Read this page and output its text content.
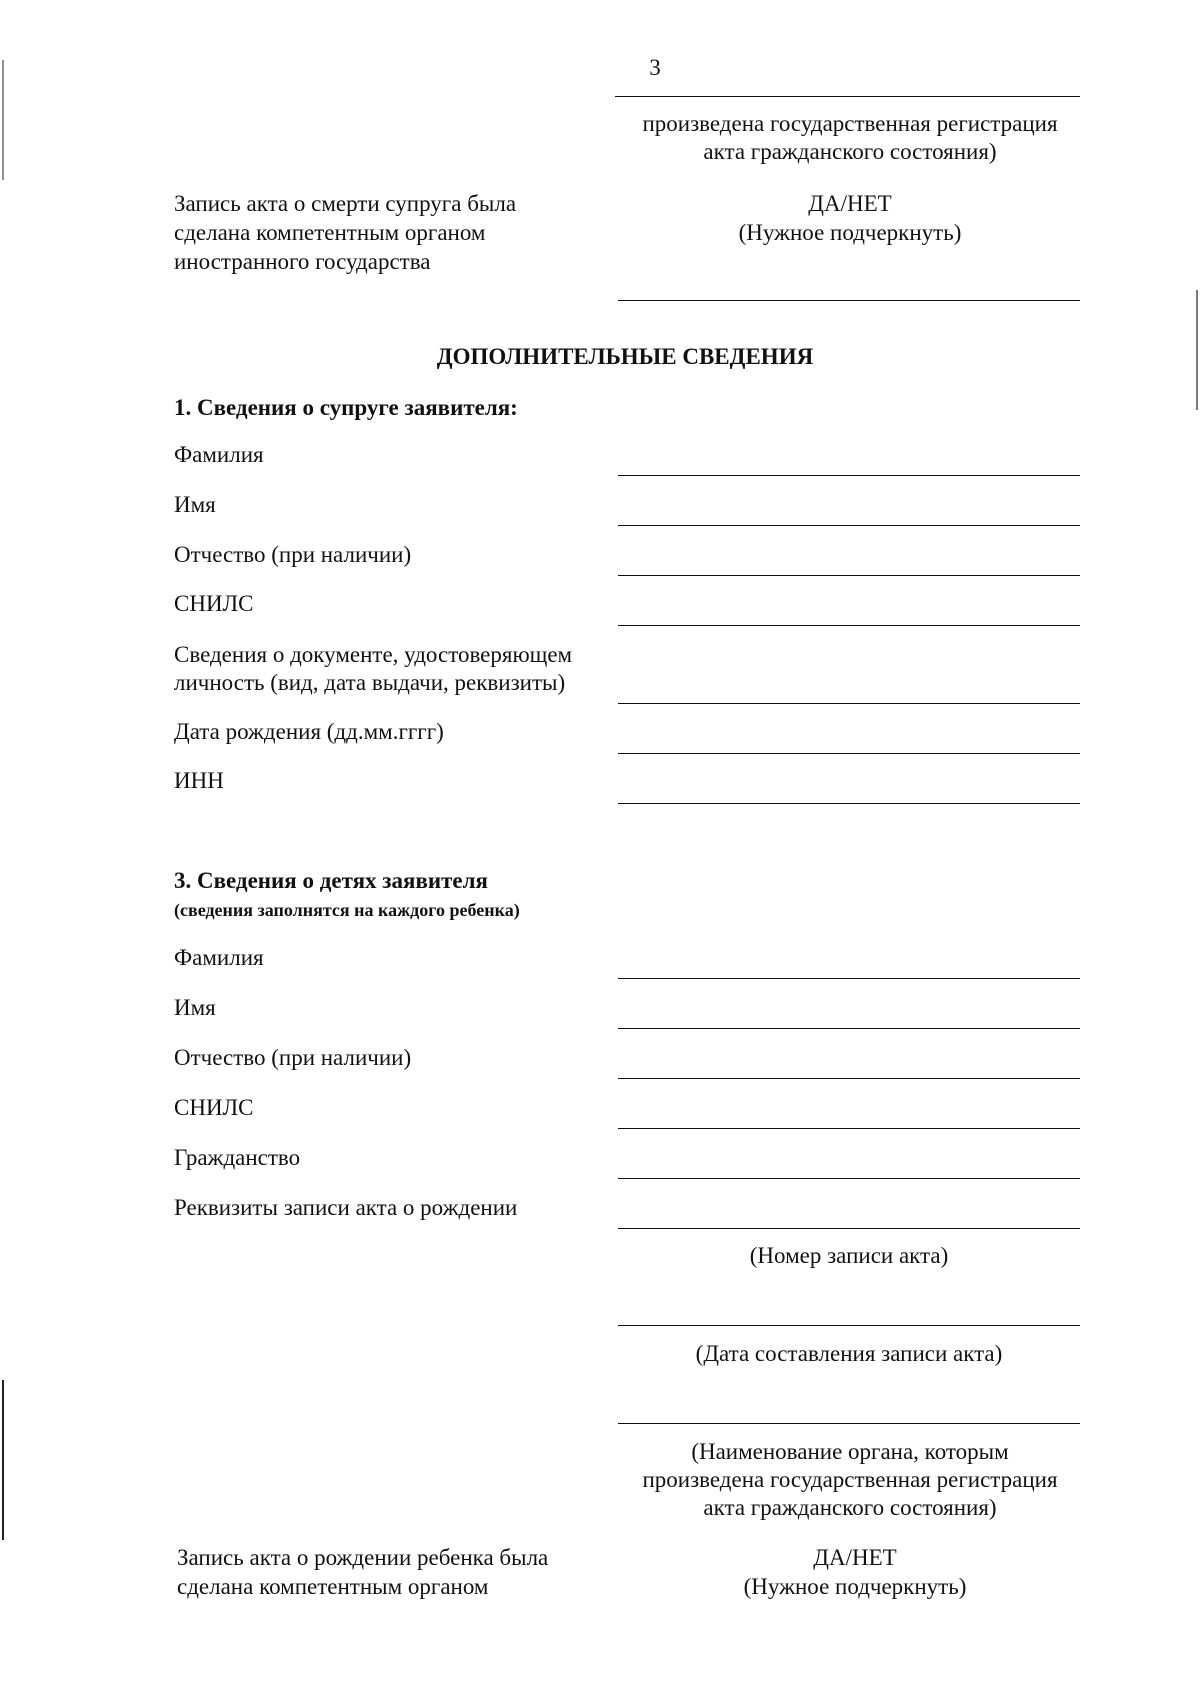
3
произведена государственная регистрация
акта гражданского состояния)
Запись акта о смерти супруга была
сделана компетентным органом
иностранного государства
ДА/НЕТ
(Нужное подчеркнуть)
ДОПОЛНИТЕЛЬНЫЕ СВЕДЕНИЯ
1. Сведения о супруге заявителя:
Фамилия
Имя
Отчество (при наличии)
СНИЛС
Сведения о документе, удостоверяющем
личность (вид, дата выдачи, реквизиты)
Дата рождения (дд.мм.гггг)
ИНН
3. Сведения о детях заявителя
(сведения заполнятся на каждого ребенка)
Фамилия
Имя
Отчество (при наличии)
СНИЛС
Гражданство
Реквизиты записи акта о рождении
(Номер записи акта)
(Дата составления записи акта)
(Наименование органа, которым
произведена государственная регистрация
акта гражданского состояния)
Запись акта о рождении ребенка была
сделана компетентным органом
ДА/НЕТ
(Нужное подчеркнуть)
